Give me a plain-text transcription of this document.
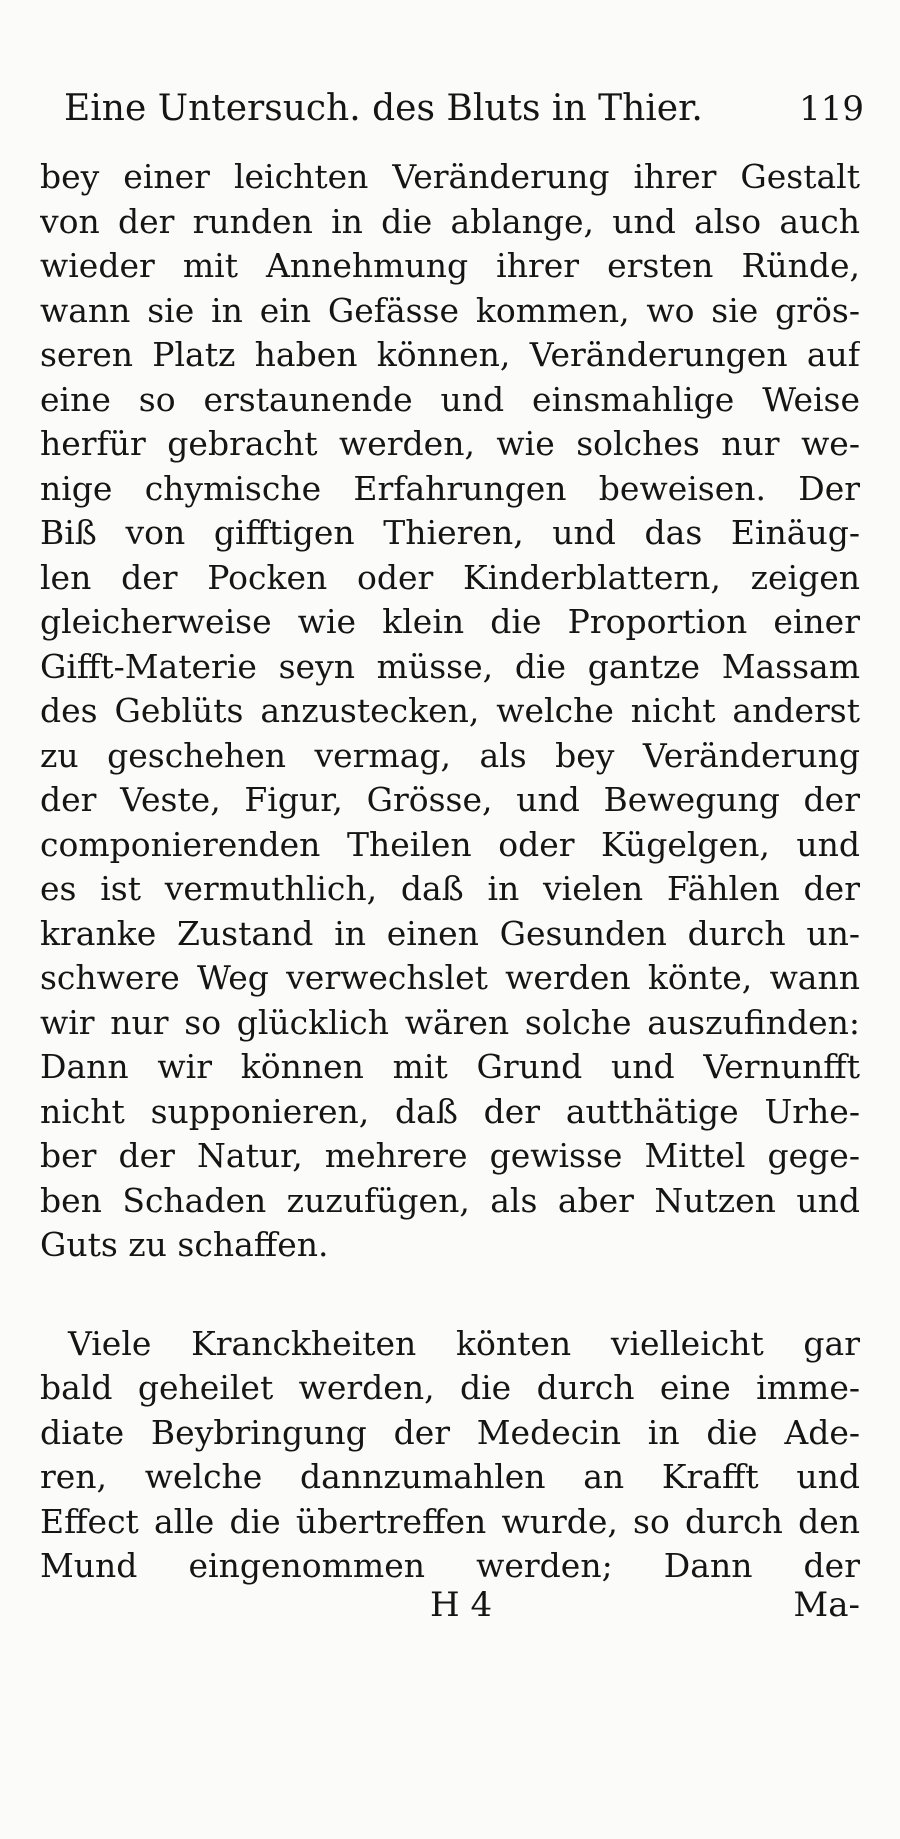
Eine Untersuch. des Bluts in Thier.	119
bey einer leichten Veränderung ihrer Gestalt
von der runden in die ablange, und also auch
wieder mit Annehmung ihrer ersten Ründe,
wann sie in ein Gefässe kommen, wo sie grös-
seren Platz haben können, Veränderungen auf
eine so erstaunende und einsmahlige Weise
herfür gebracht werden, wie solches nur we-
nige chymische Erfahrungen beweisen. Der
Biß von gifftigen Thieren, und das Einäug-
len der Pocken oder Kinderblattern, zeigen
gleicherweise wie klein die Proportion einer
Gifft-Materie seyn müsse, die gantze Massam
des Geblüts anzustecken, welche nicht anderst
zu geschehen vermag, als bey Veränderung
der Veste, Figur, Grösse, und Bewegung der
componierenden Theilen oder Kügelgen, und
es ist vermuthlich, daß in vielen Fählen der
kranke Zustand in einen Gesunden durch un-
schwere Weg verwechslet werden könte, wann
wir nur so glücklich wären solche auszufinden:
Dann wir können mit Grund und Vernunfft
nicht supponieren, daß der autthätige Urhe-
ber der Natur, mehrere gewisse Mittel gege-
ben Schaden zuzufügen, als aber Nutzen und
Guts zu schaffen.
Viele Kranckheiten könten vielleicht gar
bald geheilet werden, die durch eine imme-
diate Beybringung der Medecin in die Ade-
ren, welche dannzumahlen an Krafft und
Effect alle die übertreffen wurde, so durch den
Mund eingenommen werden; Dann der
H 4	Ma-
